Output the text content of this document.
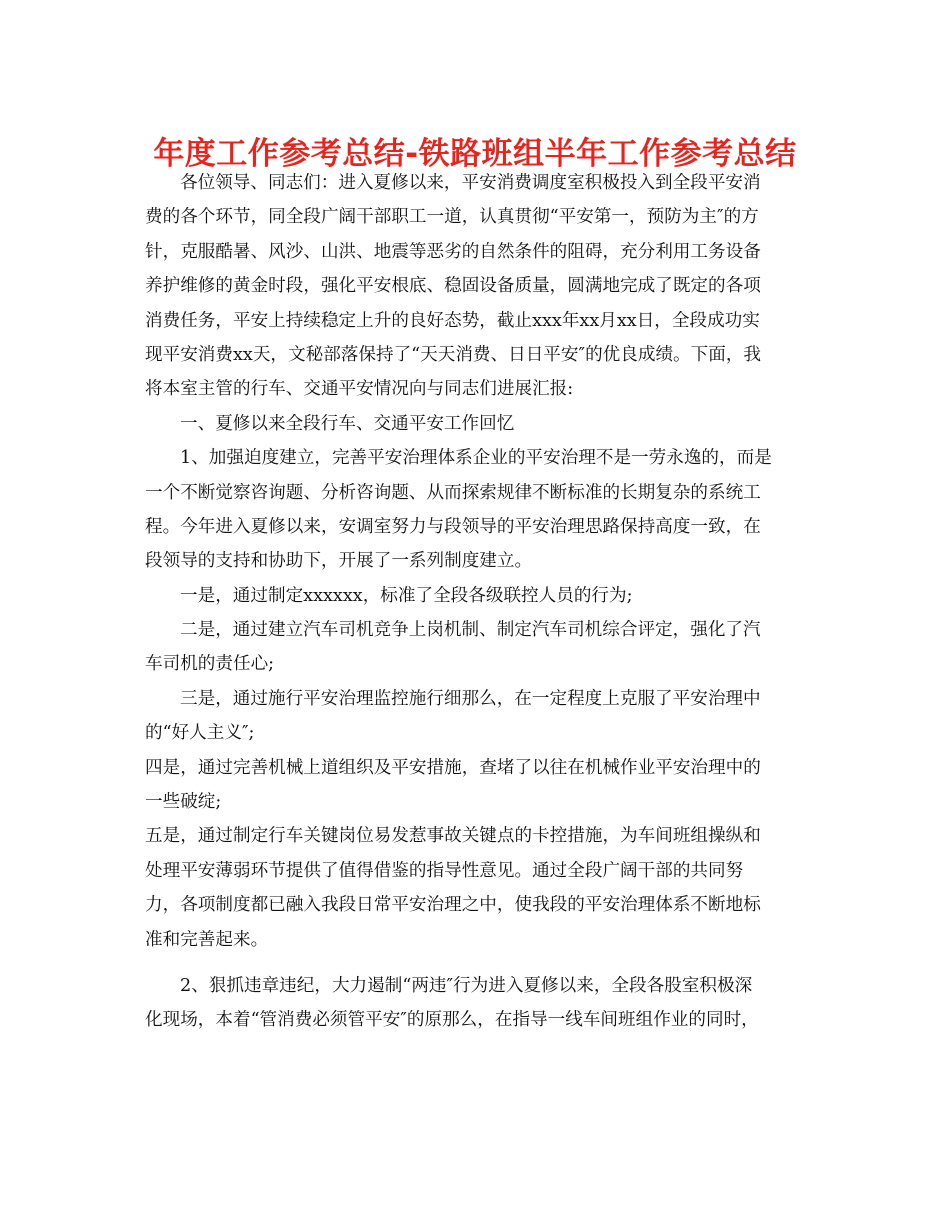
年度工作参考总结-铁路班组半年工作参考总结
各位领导、同志们：进入夏修以来，平安消费调度室积极投入到全段平安消
费的各个环节，同全段广阔干部职工一道，认真贯彻“平安第一，预防为主″的方
针，克服酷暑、风沙、山洪、地震等恶劣的自然条件的阻碍，充分利用工务设备
养护维修的黄金时段，强化平安根底、稳固设备质量，圆满地完成了既定的各项
消费任务，平安上持续稳定上升的良好态势，截止xxx年xx月xx日，全段成功实
现平安消费xx天，文秘部落保持了“天天消费、日日平安″的优良成绩。下面，我
将本室主管的行车、交通平安情况向与同志们进展汇报:
一、夏修以来全段行车、交通平安工作回忆
1、加强迫度建立，完善平安治理体系企业的平安治理不是一劳永逸的，而是
一个不断觉察咨询题、分析咨询题、从而探索规律不断标准的长期复杂的系统工
程。今年进入夏修以来，安调室努力与段领导的平安治理思路保持高度一致，在
段领导的支持和协助下，开展了一系列制度建立。
一是，通过制定xxxxxx，标准了全段各级联控人员的行为;
二是，通过建立汽车司机竞争上岗机制、制定汽车司机综合评定，强化了汽
车司机的责任心;
三是，通过施行平安治理监控施行细那么，在一定程度上克服了平安治理中
的“好人主义″;
四是，通过完善机械上道组织及平安措施，查堵了以往在机械作业平安治理中的
一些破绽;
五是，通过制定行车关键岗位易发惹事故关键点的卡控措施，为车间班组操纵和
处理平安薄弱环节提供了值得借鉴的指导性意见。通过全段广阔干部的共同努
力，各项制度都已融入我段日常平安治理之中，使我段的平安治理体系不断地标
准和完善起来。
2、狠抓违章违纪，大力遏制“两违″行为进入夏修以来，全段各股室积极深
化现场，本着“管消费必须管平安″的原那么，在指导一线车间班组作业的同时，
